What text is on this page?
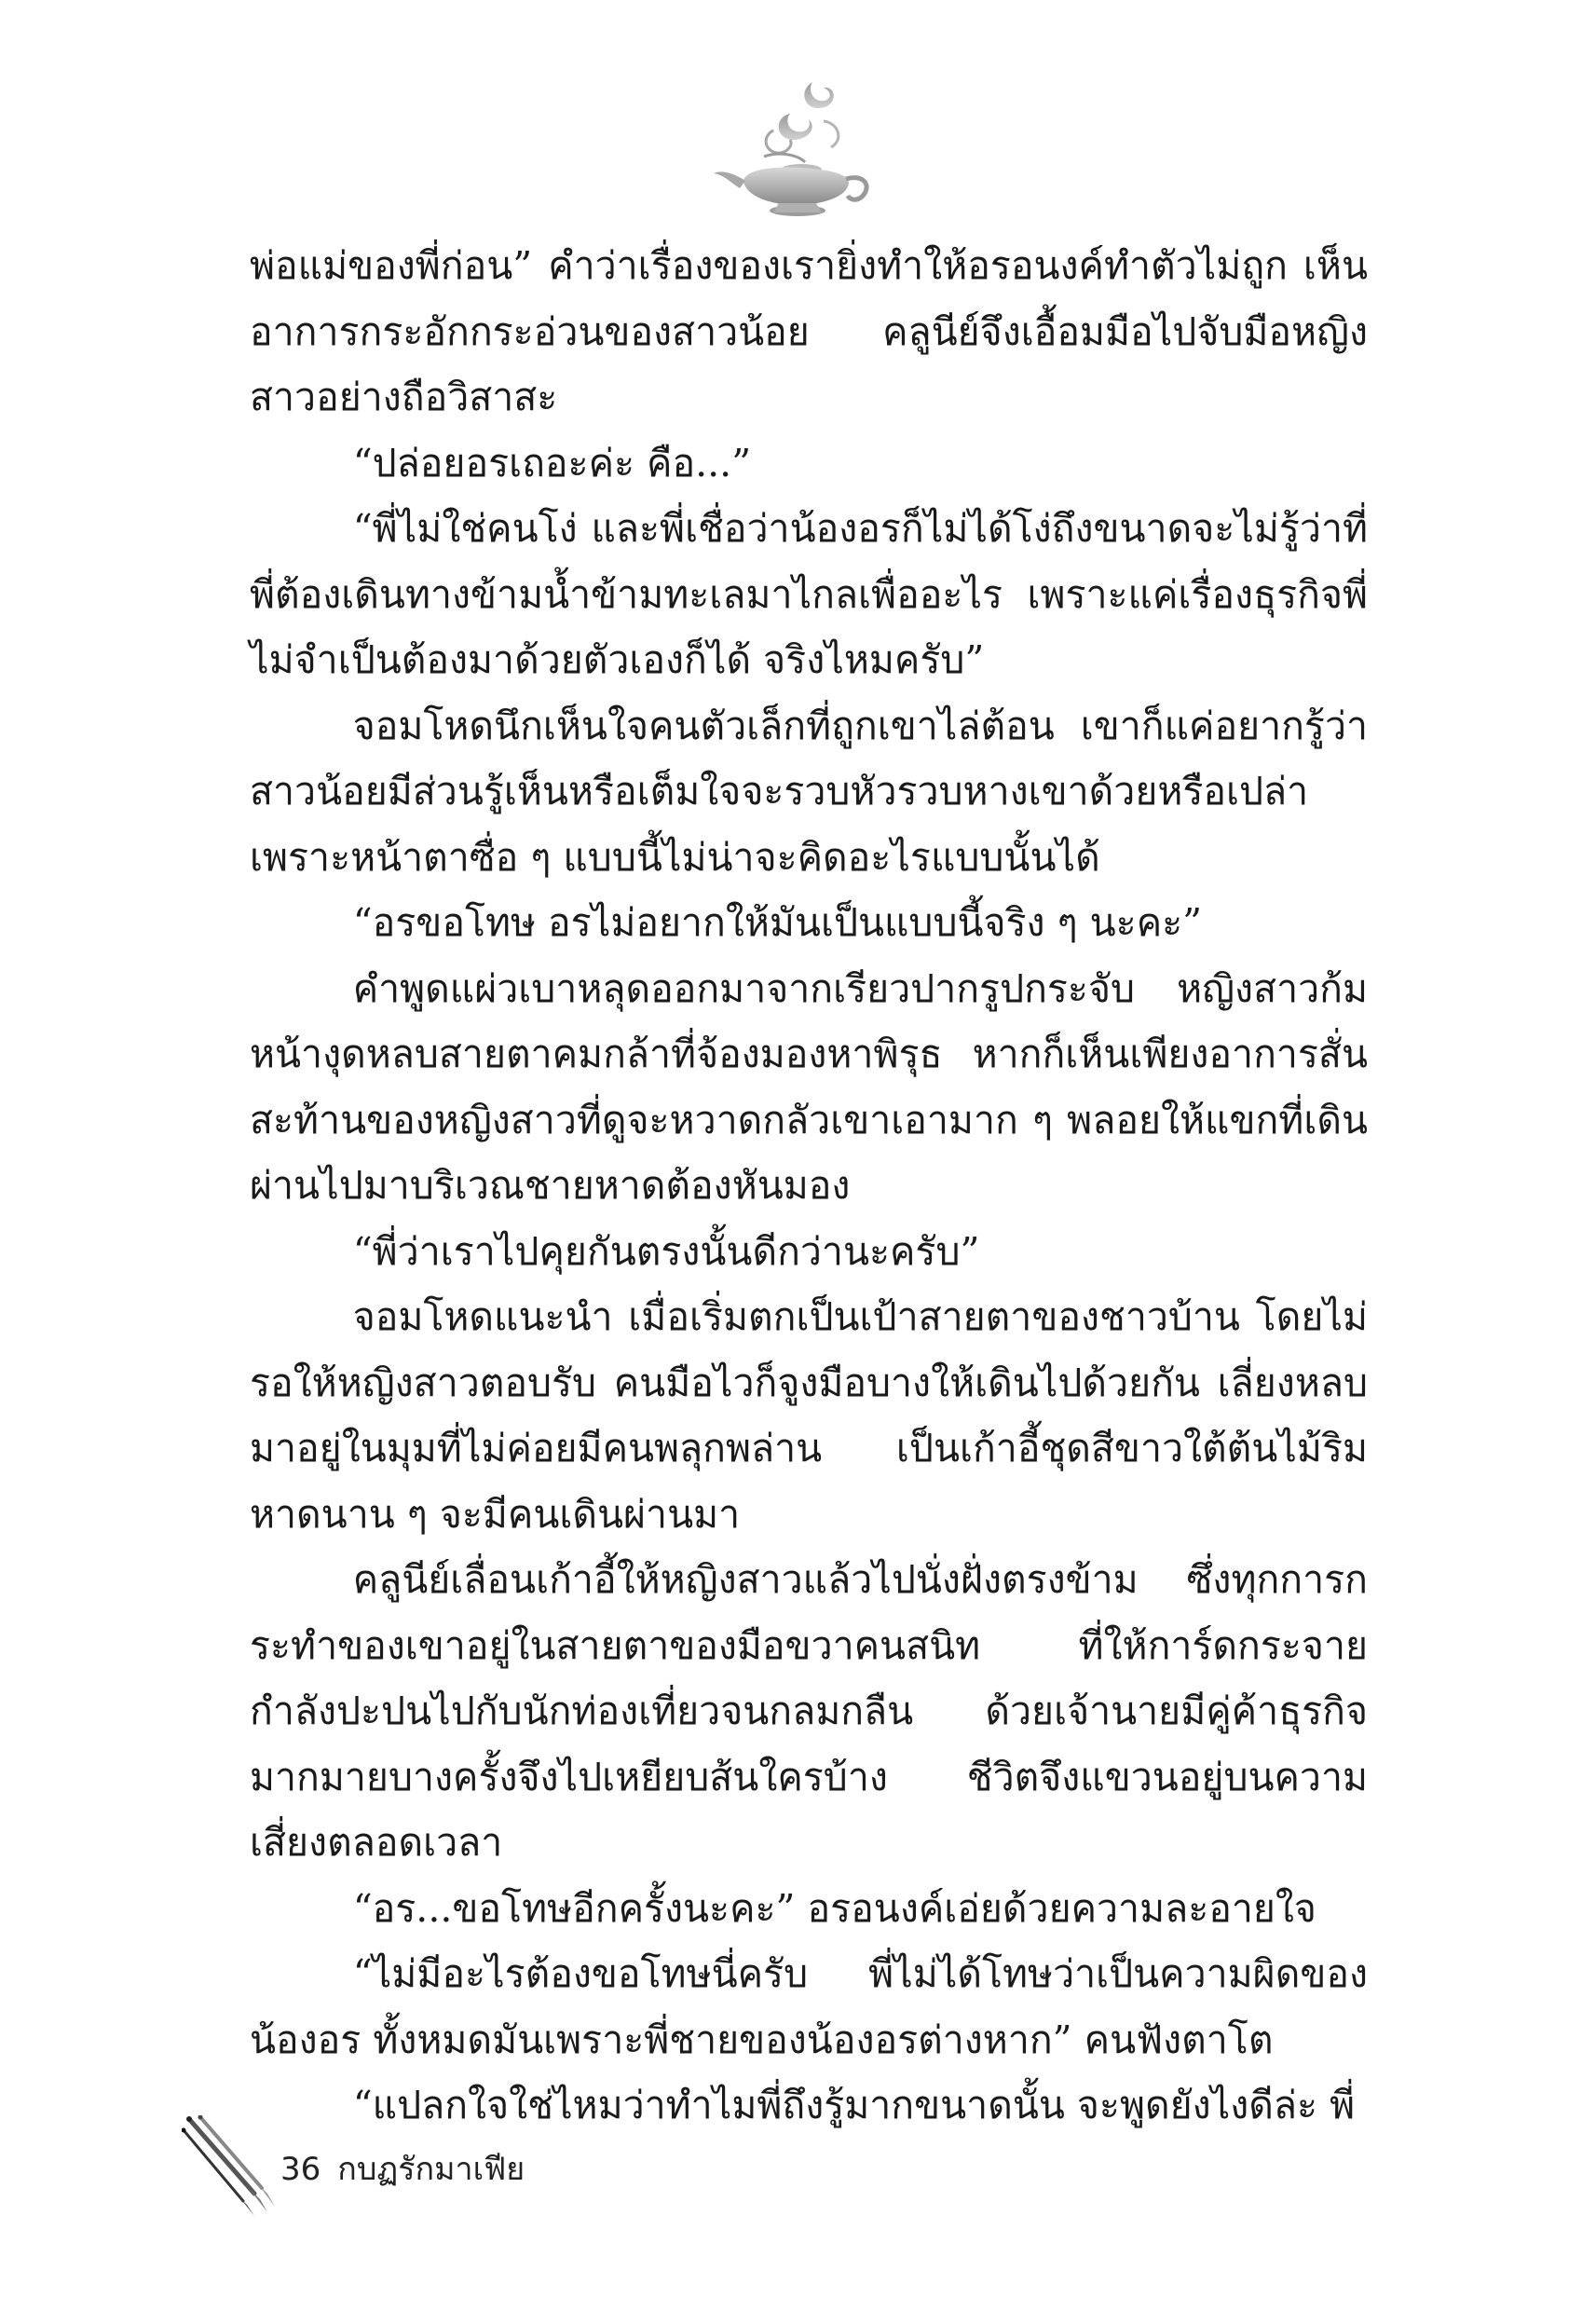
พ่อแม่ของพี่ก่อน” คำว่าเรื่องของเรายิ่งทำให้อรอนงค์ทำตัวไม่ถูก เห็นอาการกระอักกระอ่วนของสาวน้อย คลูนีย์จึงเอื้อมมือไปจับมือหญิงสาวอย่างถือวิสาสะ

“ปล่อยอรเถอะค่ะ คือ...”

“พี่ไม่ใช่คนโง่ และพี่เชื่อว่าน้องอรก็ไม่ได้โง่ถึงขนาดจะไม่รู้ว่าที่พี่ต้องเดินทางข้ามน้ำข้ามทะเลมาไกลเพื่ออะไร เพราะแค่เรื่องธุรกิจพี่ไม่จำเป็นต้องมาด้วยตัวเองก็ได้ จริงไหมครับ”

จอมโหดนึกเห็นใจคนตัวเล็กที่ถูกเขาไล่ต้อน เขาก็แค่อยากรู้ว่าสาวน้อยมีส่วนรู้เห็นหรือเต็มใจจะรวบหัวรวบหางเขาด้วยหรือเปล่า เพราะหน้าตาซื่อ ๆ แบบนี้ไม่น่าจะคิดอะไรแบบนั้นได้

“อรขอโทษ อรไม่อยากให้มันเป็นแบบนี้จริง ๆ นะคะ”

คำพูดแผ่วเบาหลุดออกมาจากเรียวปากรูปกระจับ หญิงสาวก้มหน้างุดหลบสายตาคมกล้าที่จ้องมองหาพิรุธ หากก็เห็นเพียงอาการสั่นสะท้านของหญิงสาวที่ดูจะหวาดกลัวเขาเอามาก ๆ พลอยให้แขกที่เดินผ่านไปมาบริเวณชายหาดต้องหันมอง

“พี่ว่าเราไปคุยกันตรงนั้นดีกว่านะครับ”

จอมโหดแนะนำ เมื่อเริ่มตกเป็นเป้าสายตาของชาวบ้าน โดยไม่รอให้หญิงสาวตอบรับ คนมือไวก็จูงมือบางให้เดินไปด้วยกัน เลี่ยงหลบมาอยู่ในมุมที่ไม่ค่อยมีคนพลุกพล่าน เป็นเก้าอี้ชุดสีขาวใต้ต้นไม้ริมหาดนาน ๆ จะมีคนเดินผ่านมา

คลูนีย์เลื่อนเก้าอี้ให้หญิงสาวแล้วไปนั่งฝั่งตรงข้าม ซึ่งทุกการกระทำของเขาอยู่ในสายตาของมือขวาคนสนิท ที่ให้การ์ดกระจายกำลังปะปนไปกับนักท่องเที่ยวจนกลมกลืน ด้วยเจ้านายมีคู่ค้าธุรกิจมากมายบางครั้งจึงไปเหยียบส้นใครบ้าง ชีวิตจึงแขวนอยู่บนความเสี่ยงตลอดเวลา

“อร...ขอโทษอีกครั้งนะคะ” อรอนงค์เอ่ยด้วยความละอายใจ

“ไม่มีอะไรต้องขอโทษนี่ครับ พี่ไม่ได้โทษว่าเป็นความผิดของน้องอร ทั้งหมดมันเพราะพี่ชายของน้องอรต่างหาก” คนฟังตาโต

“แปลกใจใช่ไหมว่าทำไมพี่ถึงรู้มากขนาดนั้น จะพูดยังไงดีล่ะ พี่

36 กบฏรักมาเฟีย
